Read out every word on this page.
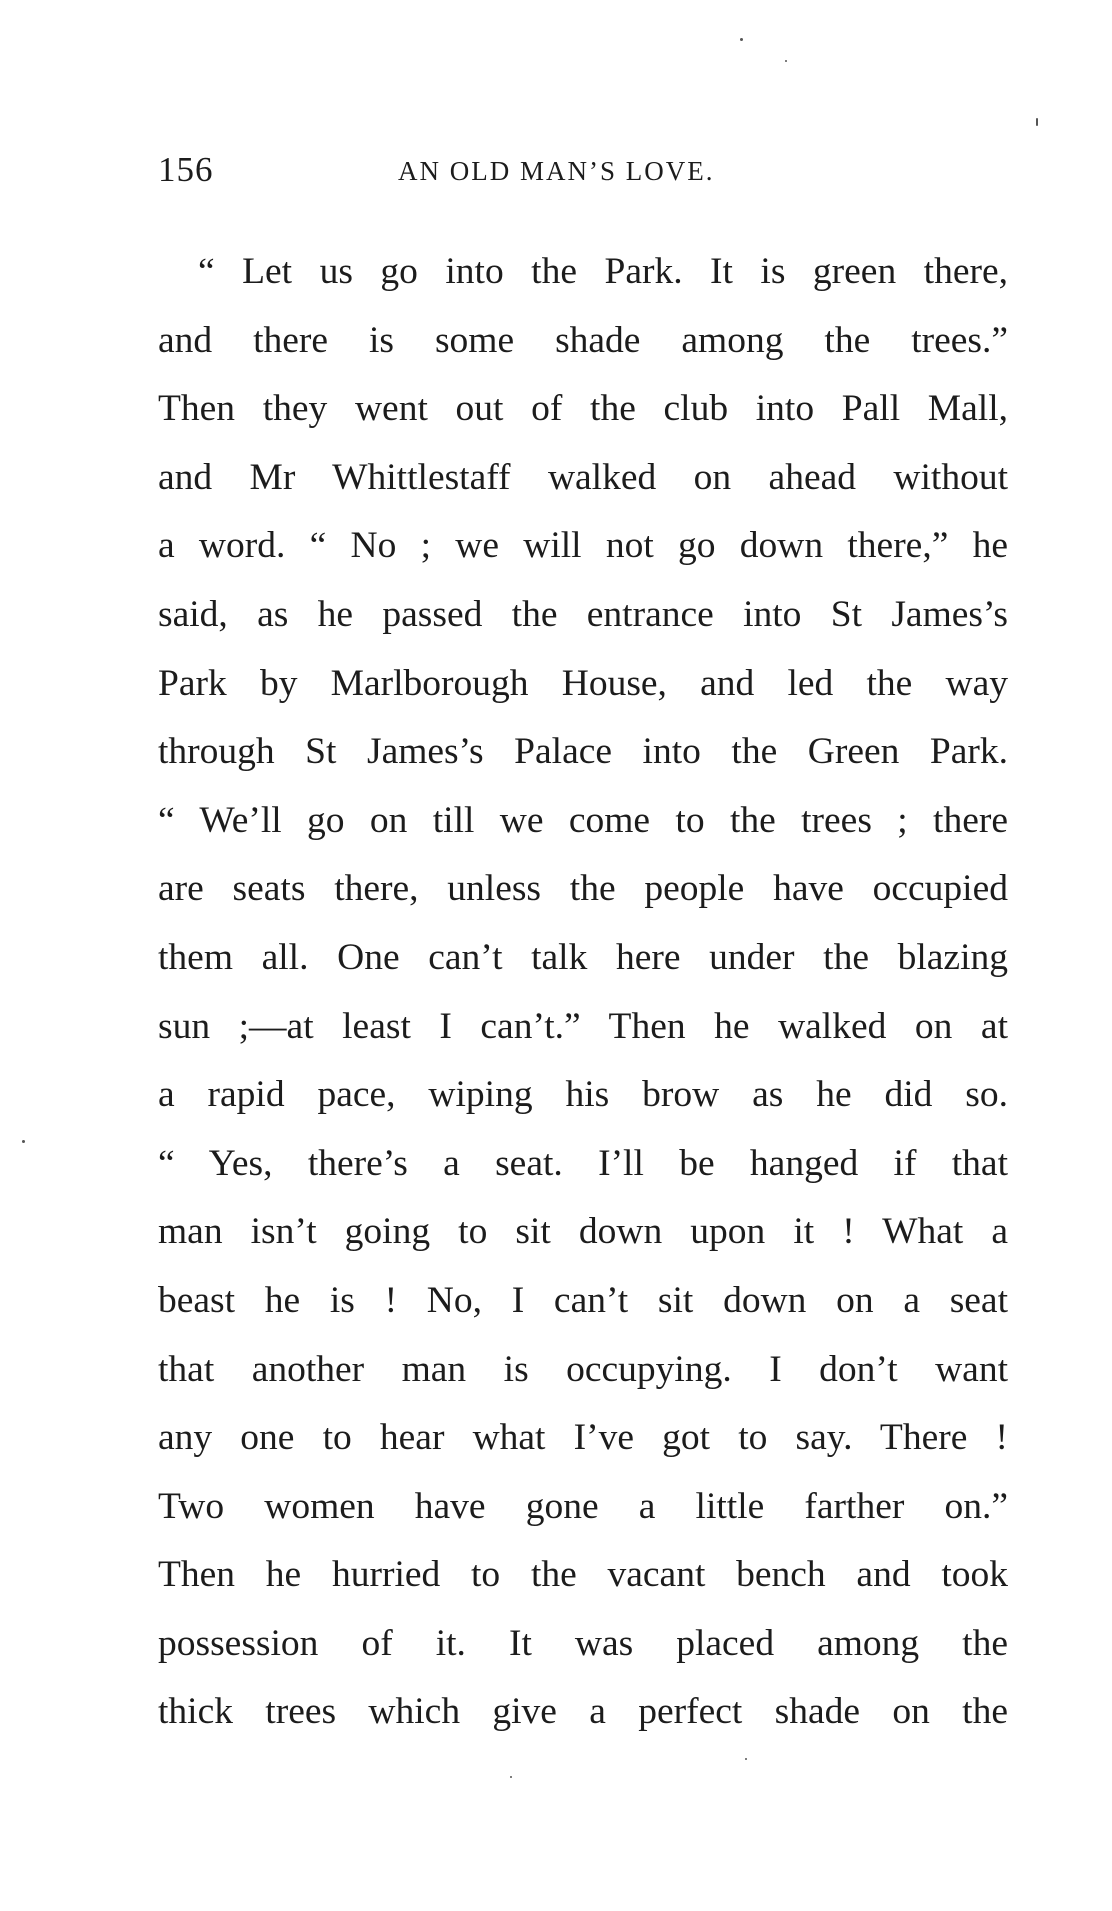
156	AN OLD MAN’S LOVE.
“ Let us go into the Park. It is green there,
and there is some shade among the trees.”
Then they went out of the club into Pall Mall,
and Mr Whittlestaff walked on ahead without
a word. “ No ; we will not go down there,” he
said, as he passed the entrance into St James’s
Park by Marlborough House, and led the way
through St James’s Palace into the Green Park.
“ We’ll go on till we come to the trees ; there
are seats there, unless the people have occupied
them all. One can’t talk here under the blazing
sun ;—at least I can’t.” Then he walked on at
a rapid pace, wiping his brow as he did so.
“ Yes, there’s a seat. I’ll be hanged if that
man isn’t going to sit down upon it ! What a
beast he is ! No, I can’t sit down on a seat
that another man is occupying. I don’t want
any one to hear what I’ve got to say. There !
Two women have gone a little farther on.”
Then he hurried to the vacant bench and took
possession of it. It was placed among the
thick trees which give a perfect shade on the
